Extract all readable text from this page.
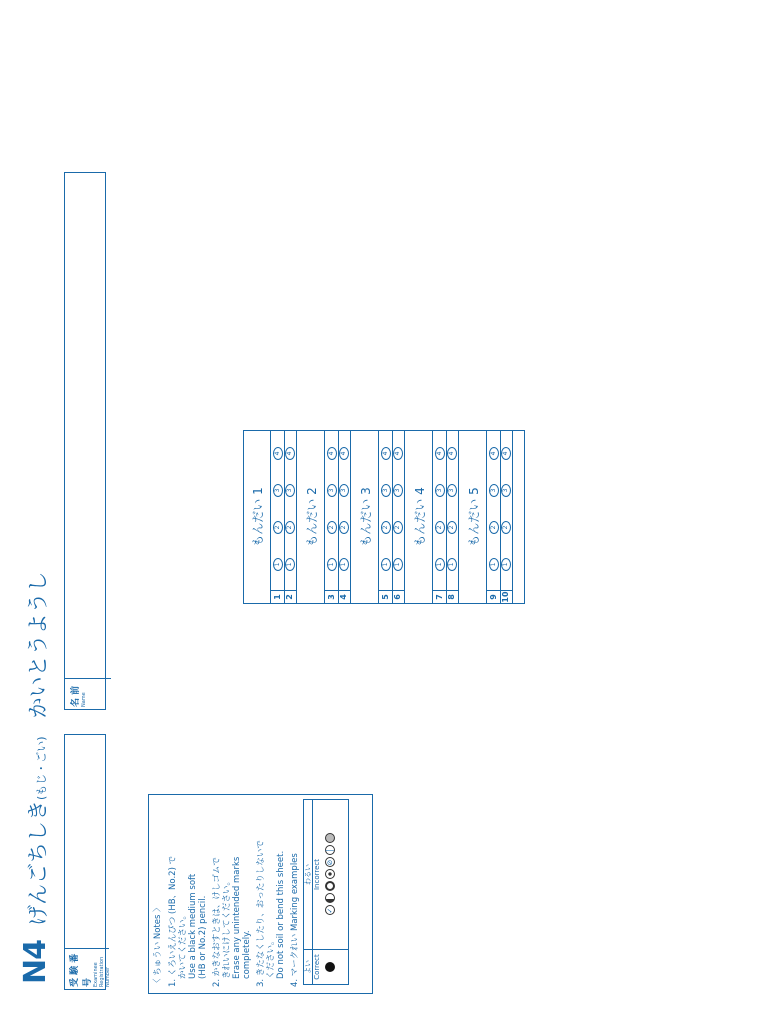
N4
げんごちしき
(もじ・ごい)
かいとうようし
受 験 番 号 Examinee Registration Number
名 前 Name
〈 ちゅうい Notes 〉 1. くろいえんぴつ (HB、No.2) で かいてください。 Use a black medium soft (HB or No.2) pencil. 2. かきなおすときは、けしゴムで きれいにけしてください。 Erase any unintended marks completely. 3. きたなくしたり、おったりしないで ください。 Do not soil or bend this sheet. 4. マークれい Marking examples よい Correct
わるい Incorrect
✓
⊘
│
もんだい 1
1
1
2
3
4
2
1
2
3
4
もんだい 2
3
1
2
3
4
4
1
2
3
4
もんだい 3
5
1
2
3
4
6
1
2
3
4
もんだい 4
7
1
2
3
4
8
1
2
3
4
もんだい 5
9
1
2
3
4
10
1
2
3
4
